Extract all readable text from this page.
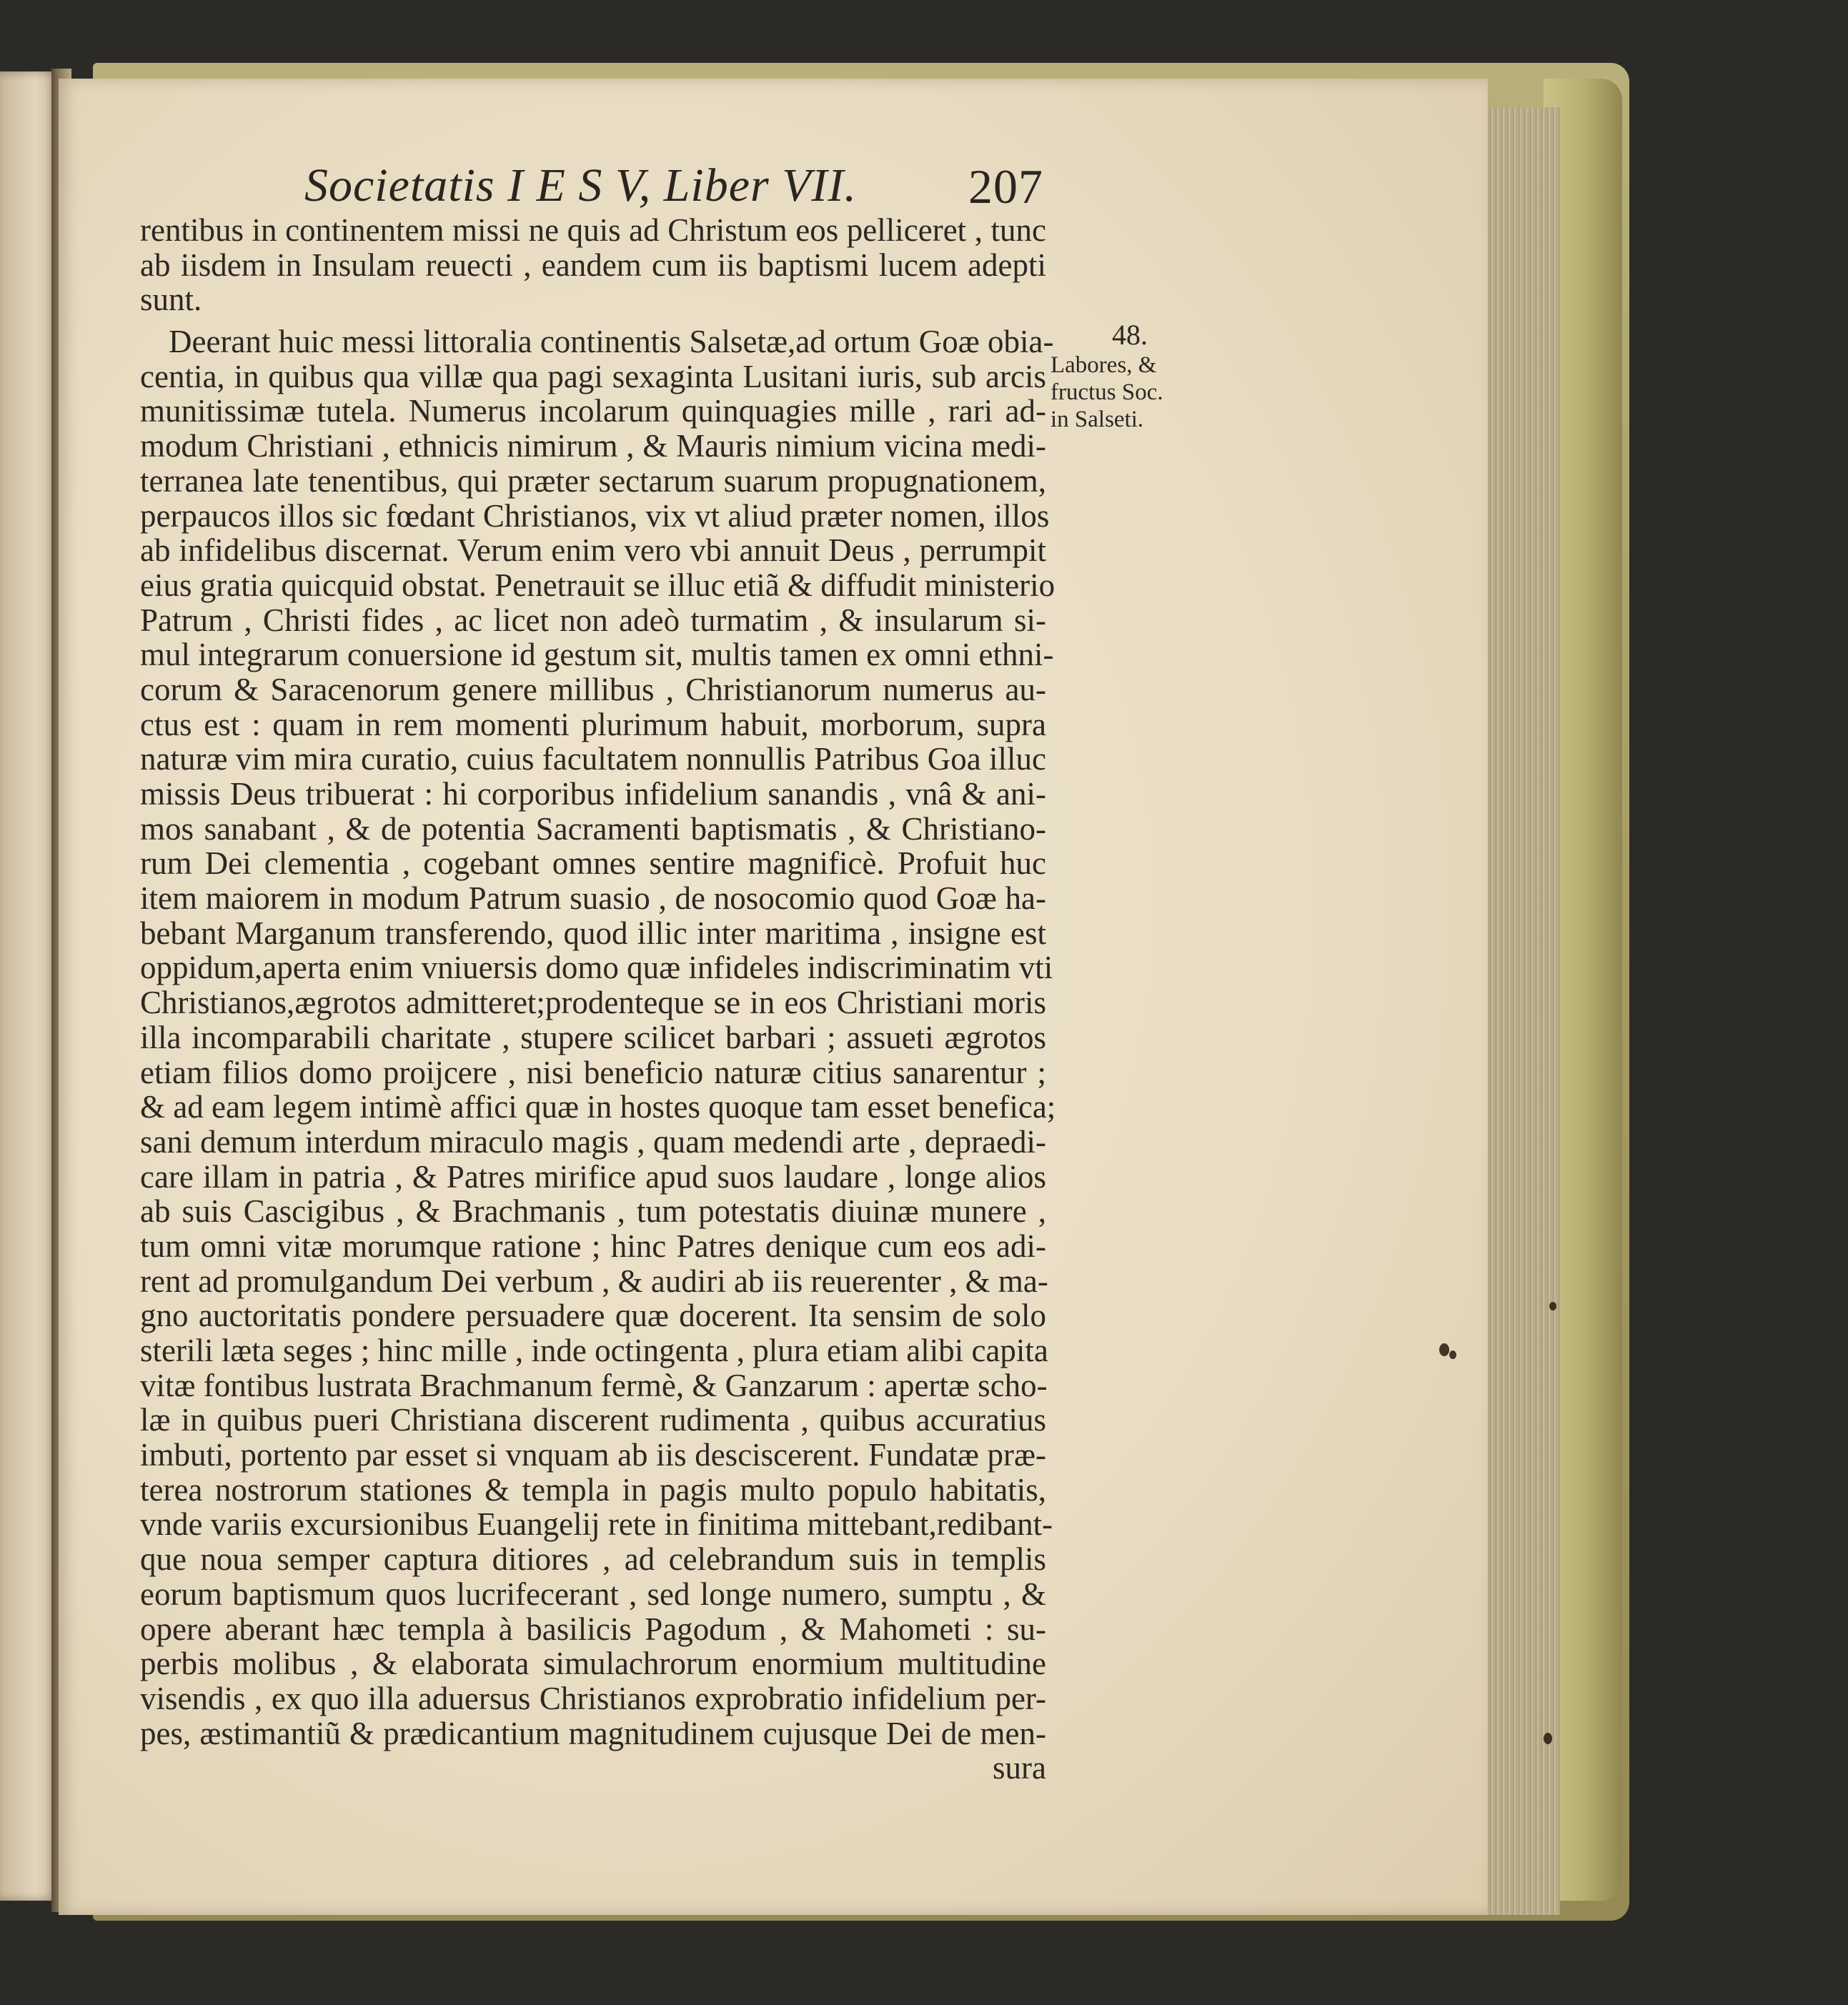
Societatis I E S V, Liber VII. 207
rentibus in continentem missi ne quis ad Christum eos pelliceret , tunc
ab iisdem in Insulam reuecti , eandem cum iis baptismi lucem adepti
sunt.
Deerant huic messi littoralia continentis Salsetæ,ad ortum Goæ obia-
centia, in quibus qua villæ qua pagi sexaginta Lusitani iuris, sub arcis
munitissimæ tutela. Numerus incolarum quinquagies mille , rari ad-
modum Christiani , ethnicis nimirum , & Mauris nimium vicina medi-
terranea late tenentibus, qui præter sectarum suarum propugnationem,
perpaucos illos sic fœdant Christianos, vix vt aliud præter nomen, illos
ab infidelibus discernat. Verum enim vero vbi annuit Deus , perrumpit
eius gratia quicquid obstat. Penetrauit se illuc etiã & diffudit ministerio
Patrum , Christi fides , ac licet non adeò turmatim , & insularum si-
mul integrarum conuersione id gestum sit, multis tamen ex omni ethni-
corum & Saracenorum genere millibus , Christianorum numerus au-
ctus est : quam in rem momenti plurimum habuit, morborum, supra
naturæ vim mira curatio, cuius facultatem nonnullis Patribus Goa illuc
missis Deus tribuerat : hi corporibus infidelium sanandis , vnâ & ani-
mos sanabant , & de potentia Sacramenti baptismatis , & Christiano-
rum Dei clementia , cogebant omnes sentire magnificè. Profuit huc
item maiorem in modum Patrum suasio , de nosocomio quod Goæ ha-
bebant Marganum transferendo, quod illic inter maritima , insigne est
oppidum,aperta enim vniuersis domo quæ infideles indiscriminatim vti
Christianos,ægrotos admitteret;prodenteque se in eos Christiani moris
illa incomparabili charitate , stupere scilicet barbari ; assueti ægrotos
etiam filios domo proijcere , nisi beneficio naturæ citius sanarentur ;
& ad eam legem intimè affici quæ in hostes quoque tam esset benefica;
sani demum interdum miraculo magis , quam medendi arte , depraedi-
care illam in patria , & Patres mirifice apud suos laudare , longe alios
ab suis Cascigibus , & Brachmanis , tum potestatis diuinæ munere ,
tum omni vitæ morumque ratione ; hinc Patres denique cum eos adi-
rent ad promulgandum Dei verbum , & audiri ab iis reuerenter , & ma-
gno auctoritatis pondere persuadere quæ docerent. Ita sensim de solo
sterili læta seges ; hinc mille , inde octingenta , plura etiam alibi capita
vitæ fontibus lustrata Brachmanum fermè, & Ganzarum : apertæ scho-
læ in quibus pueri Christiana discerent rudimenta , quibus accuratius
imbuti, portento par esset si vnquam ab iis desciscerent. Fundatæ præ-
terea nostrorum stationes & templa in pagis multo populo habitatis,
vnde variis excursionibus Euangelij rete in finitima mittebant,redibant-
que noua semper captura ditiores , ad celebrandum suis in templis
eorum baptismum quos lucrifecerant , sed longe numero, sumptu , &
opere aberant hæc templa à basilicis Pagodum , & Mahometi : su-
perbis molibus , & elaborata simulachrorum enormium multitudine
visendis , ex quo illa aduersus Christianos exprobratio infidelium per-
pes, æstimantiũ & prædicantium magnitudinem cujusque Dei de men-
sura
48.
Labores, &
fructus Soc.
in Salseti.
